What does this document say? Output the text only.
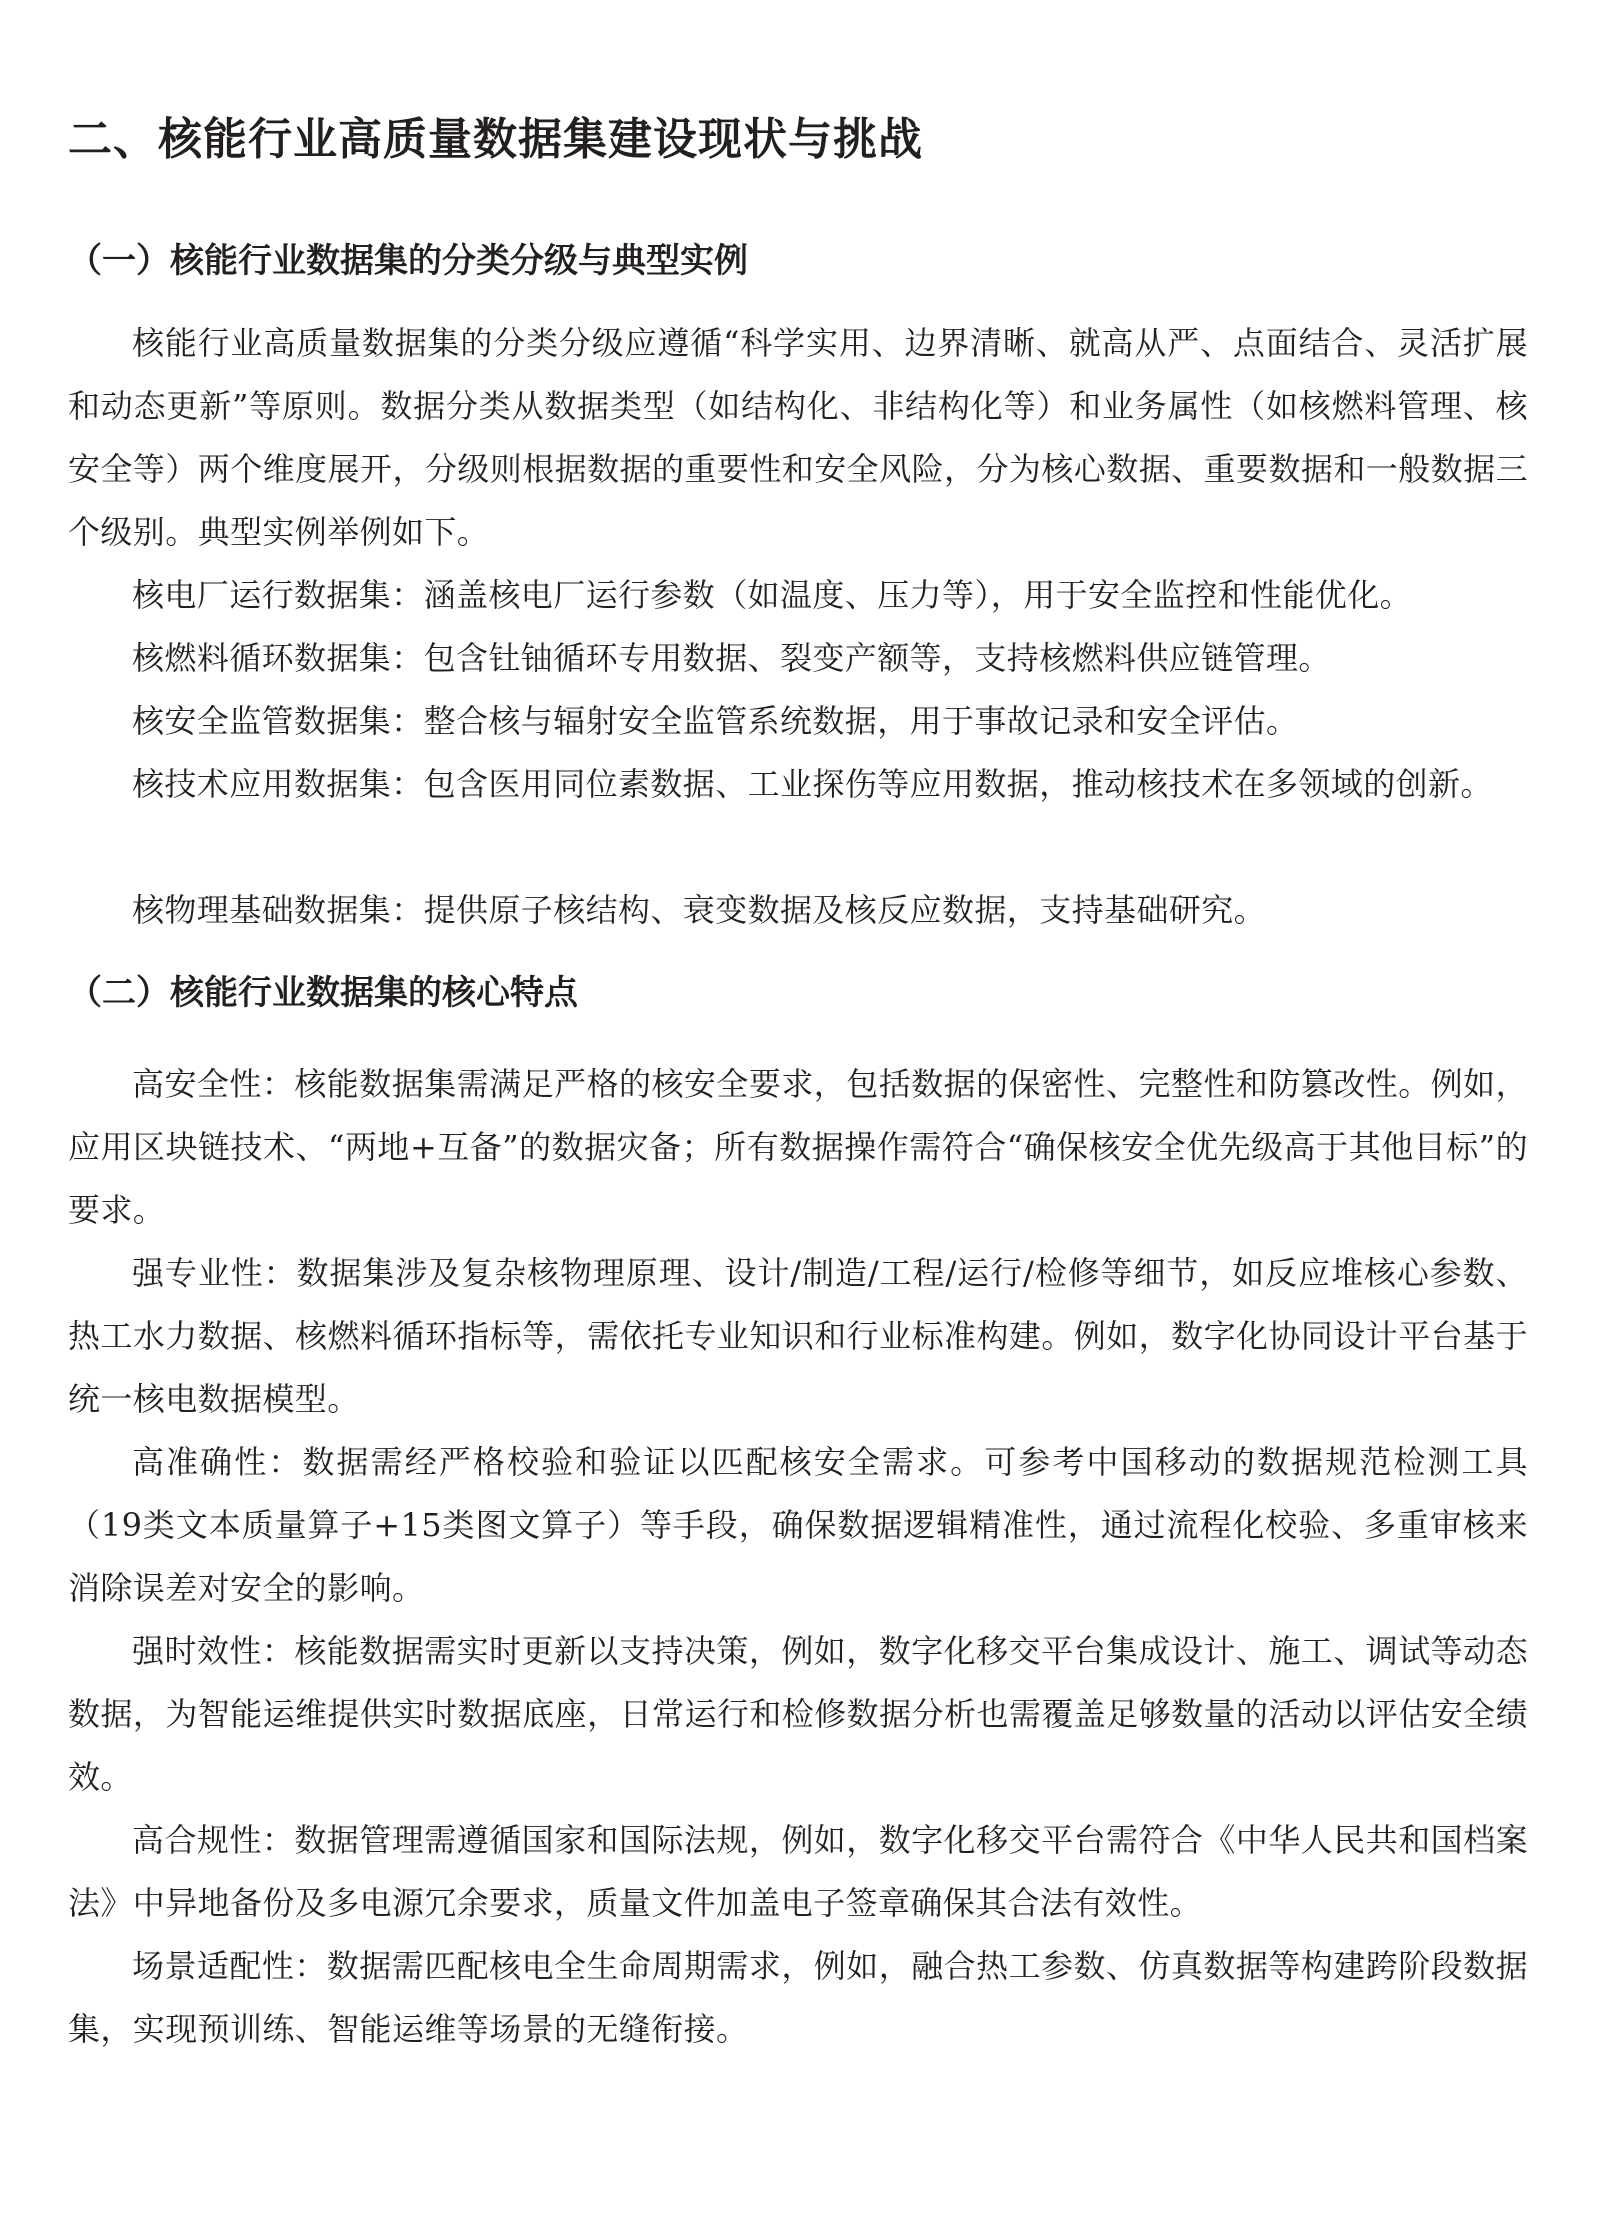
二、核能行业高质量数据集建设现状与挑战
（一）核能行业数据集的分类分级与典型实例

核能行业高质量数据集的分类分级应遵循“科学实用、边界清晰、就高从严、点面结合、灵活扩展和动态更新”等原则。数据分类从数据类型（如结构化、非结构化等）和业务属性（如核燃料管理、核安全等）两个维度展开，分级则根据数据的重要性和安全风险，分为核心数据、重要数据和一般数据三个级别。典型实例举例如下。

核电厂运行数据集：涵盖核电厂运行参数（如温度、压力等），用于安全监控和性能优化。

核燃料循环数据集：包含钍铀循环专用数据、裂变产额等，支持核燃料供应链管理。

核安全监管数据集：整合核与辐射安全监管系统数据，用于事故记录和安全评估。

核技术应用数据集：包含医用同位素数据、工业探伤等应用数据，推动核技术在多领域的创新。

核物理基础数据集：提供原子核结构、衰变数据及核反应数据，支持基础研究。

（二）核能行业数据集的核心特点

高安全性：核能数据集需满足严格的核安全要求，包括数据的保密性、完整性和防篡改性。例如，应用区块链技术、“两地+互备”的数据灾备；所有数据操作需符合“确保核安全优先级高于其他目标”的要求。

强专业性：数据集涉及复杂核物理原理、设计/制造/工程/运行/检修等细节，如反应堆核心参数、热工水力数据、核燃料循环指标等，需依托专业知识和行业标准构建。例如，数字化协同设计平台基于统一核电数据模型。

高准确性：数据需经严格校验和验证以匹配核安全需求。可参考中国移动的数据规范检测工具（19类文本质量算子+15类图文算子）等手段，确保数据逻辑精准性，通过流程化校验、多重审核来消除误差对安全的影响。

强时效性：核能数据需实时更新以支持决策，例如，数字化移交平台集成设计、施工、调试等动态数据，为智能运维提供实时数据底座，日常运行和检修数据分析也需覆盖足够数量的活动以评估安全绩效。

高合规性：数据管理需遵循国家和国际法规，例如，数字化移交平台需符合《中华人民共和国档案法》中异地备份及多电源冗余要求，质量文件加盖电子签章确保其合法有效性。

场景适配性：数据需匹配核电全生命周期需求，例如，融合热工参数、仿真数据等构建跨阶段数据集，实现预训练、智能运维等场景的无缝衔接。
